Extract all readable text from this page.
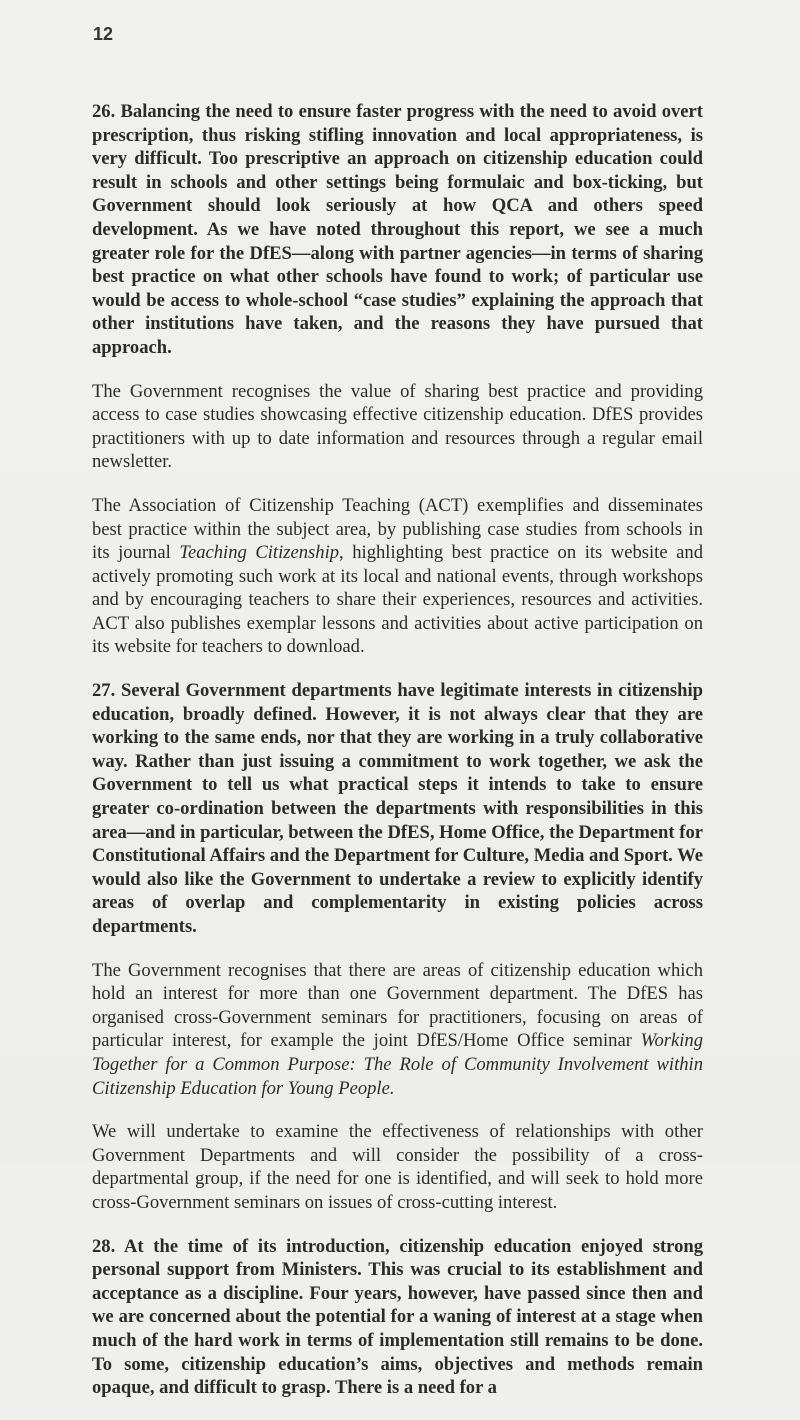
12

26. Balancing the need to ensure faster progress with the need to avoid overt prescription, thus risking stifling innovation and local appropriateness, is very difficult. Too prescriptive an approach on citizenship education could result in schools and other settings being formulaic and box-ticking, but Government should look seriously at how QCA and others speed development. As we have noted throughout this report, we see a much greater role for the DfES—along with partner agencies—in terms of sharing best practice on what other schools have found to work; of particular use would be access to whole-school “case studies” explaining the approach that other institutions have taken, and the reasons they have pursued that approach.

The Government recognises the value of sharing best practice and providing access to case studies showcasing effective citizenship education. DfES provides practitioners with up to date information and resources through a regular email newsletter.

The Association of Citizenship Teaching (ACT) exemplifies and disseminates best practice within the subject area, by publishing case studies from schools in its journal Teaching Citizenship, highlighting best practice on its website and actively promoting such work at its local and national events, through workshops and by encouraging teachers to share their experiences, resources and activities. ACT also publishes exemplar lessons and activities about active participation on its website for teachers to download.

27. Several Government departments have legitimate interests in citizenship education, broadly defined. However, it is not always clear that they are working to the same ends, nor that they are working in a truly collaborative way. Rather than just issuing a commitment to work together, we ask the Government to tell us what practical steps it intends to take to ensure greater co-ordination between the departments with responsibilities in this area—and in particular, between the DfES, Home Office, the Department for Constitutional Affairs and the Department for Culture, Media and Sport. We would also like the Government to undertake a review to explicitly identify areas of overlap and complementarity in existing policies across departments.

The Government recognises that there are areas of citizenship education which hold an interest for more than one Government department. The DfES has organised cross-Government seminars for practitioners, focusing on areas of particular interest, for example the joint DfES/Home Office seminar Working Together for a Common Purpose: The Role of Community Involvement within Citizenship Education for Young People.

We will undertake to examine the effectiveness of relationships with other Government Departments and will consider the possibility of a cross-departmental group, if the need for one is identified, and will seek to hold more cross-Government seminars on issues of cross-cutting interest.

28. At the time of its introduction, citizenship education enjoyed strong personal support from Ministers. This was crucial to its establishment and acceptance as a discipline. Four years, however, have passed since then and we are concerned about the potential for a waning of interest at a stage when much of the hard work in terms of implementation still remains to be done. To some, citizenship education’s aims, objectives and methods remain opaque, and difficult to grasp. There is a need for a
